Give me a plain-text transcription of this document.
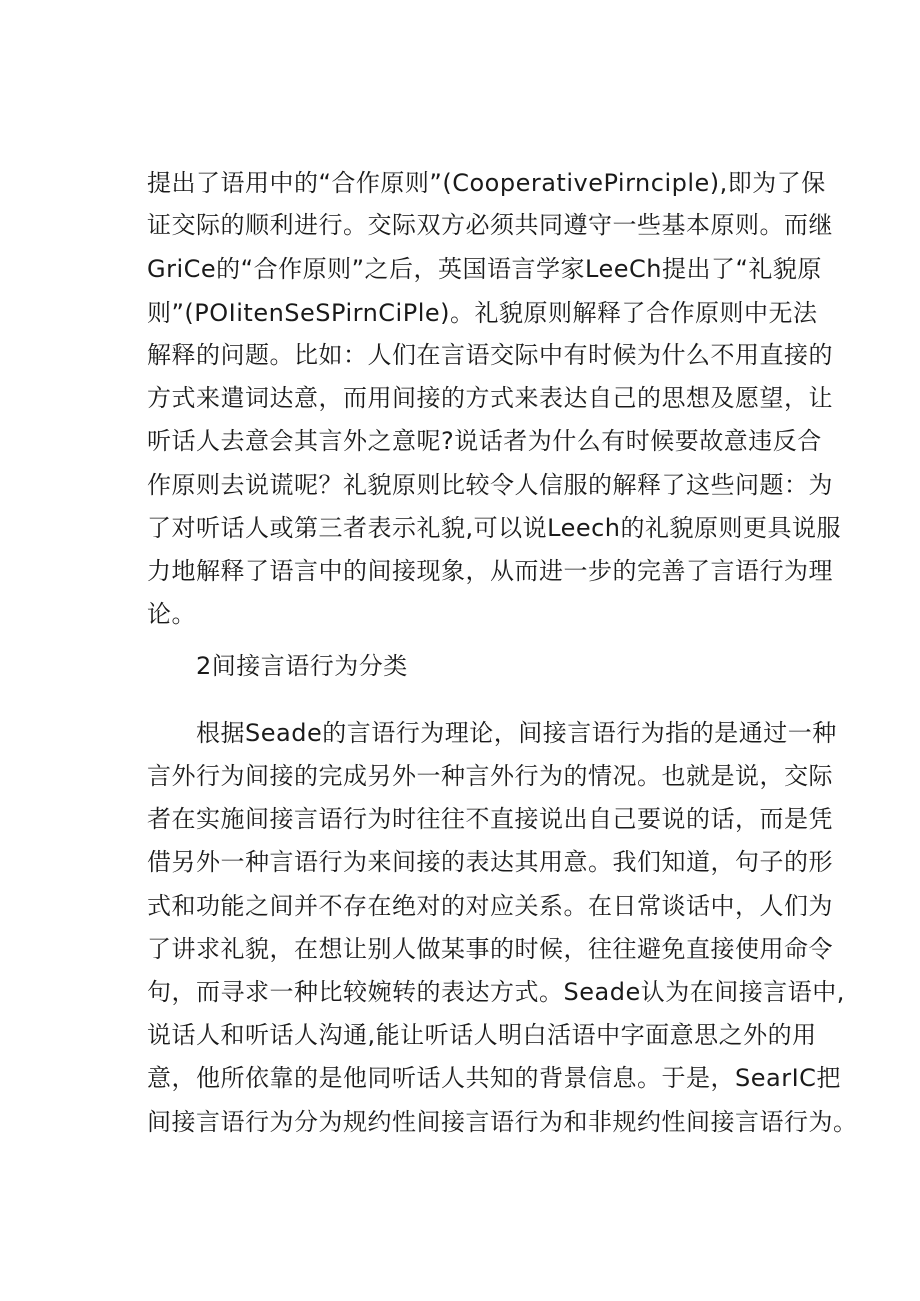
提出了语用中的“合作原则”(CooperativePirnciple),即为了保
证交际的顺利进行。交际双方必须共同遵守一些基本原则。而继
GriCe的“合作原则”之后，英国语言学家LeeCh提出了“礼貌原
则”(POIitenSeSPirnCiPle)。礼貌原则解释了合作原则中无法
解释的问题。比如：人们在言语交际中有时候为什么不用直接的
方式来遣词达意，而用间接的方式来表达自己的思想及愿望，让
听话人去意会其言外之意呢?说话者为什么有时候要故意违反合
作原则去说谎呢？礼貌原则比较令人信服的解释了这些问题：为
了对听话人或第三者表示礼貌,可以说Leech的礼貌原则更具说服
力地解释了语言中的间接现象，从而进一步的完善了言语行为理
论。
2间接言语行为分类
根据Seade的言语行为理论，间接言语行为指的是通过一种
言外行为间接的完成另外一种言外行为的情况。也就是说，交际
者在实施间接言语行为时往往不直接说出自己要说的话，而是凭
借另外一种言语行为来间接的表达其用意。我们知道，句子的形
式和功能之间并不存在绝对的对应关系。在日常谈话中，人们为
了讲求礼貌，在想让别人做某事的时候，往往避免直接使用命令
句，而寻求一种比较婉转的表达方式。Seade认为在间接言语中,
说话人和听话人沟通,能让听话人明白活语中字面意思之外的用
意，他所依靠的是他同听话人共知的背景信息。于是，SearIC把
间接言语行为分为规约性间接言语行为和非规约性间接言语行为。
